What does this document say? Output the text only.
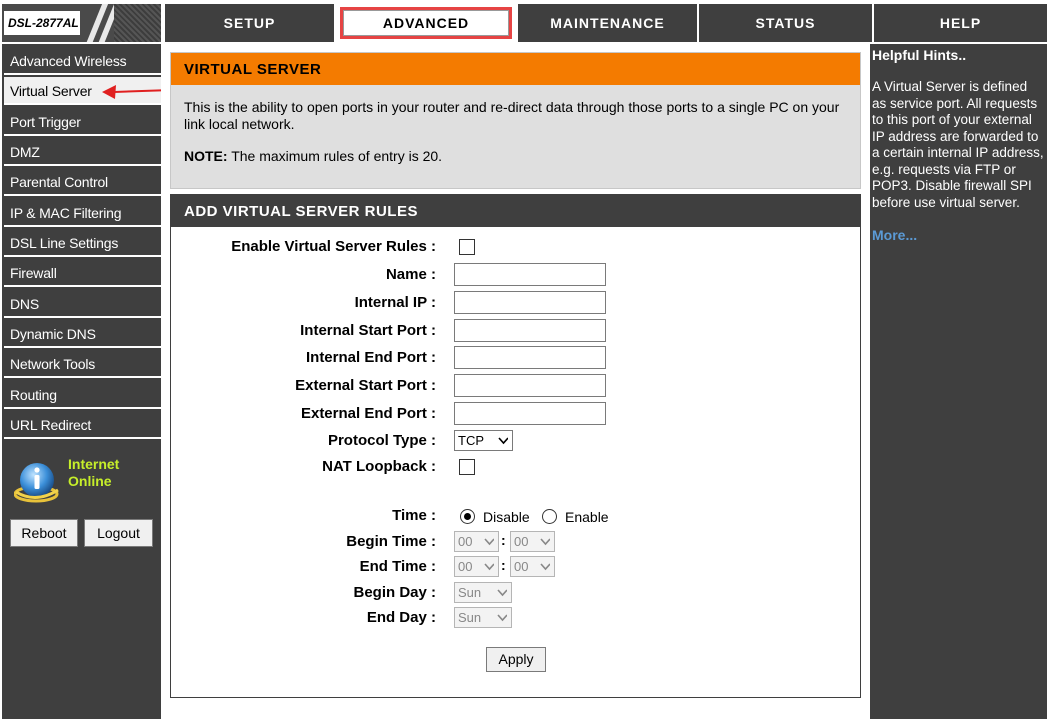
DSL-2877AL	SETUP	ADVANCED	MAINTENANCE	STATUS	HELP
Advanced Wireless
Virtual Server
Port Trigger
DMZ
Parental Control
IP & MAC Filtering
DSL Line Settings
Firewall
DNS
Dynamic DNS
Network Tools
Routing
URL Redirect
Internet
Online
Reboot	Logout
VIRTUAL SERVER
This is the ability to open ports in your router and re-direct data through those ports to a single PC on your link local network.
NOTE: The maximum rules of entry is 20.
ADD VIRTUAL SERVER RULES
Enable Virtual Server Rules :
Name :
Internal IP :
Internal Start Port :
Internal End Port :
External Start Port :
External End Port :
Protocol Type :	TCP
NAT Loopback :
Time :	Disable	Enable
Begin Time :	00	: 00
End Time :	00	: 00
Begin Day :	Sun
End Day :	Sun
Apply
Helpful Hints..
A Virtual Server is defined as service port. All requests to this port of your external IP address are forwarded to a certain internal IP address, e.g. requests via FTP or POP3. Disable firewall SPI before use virtual server.
More...
